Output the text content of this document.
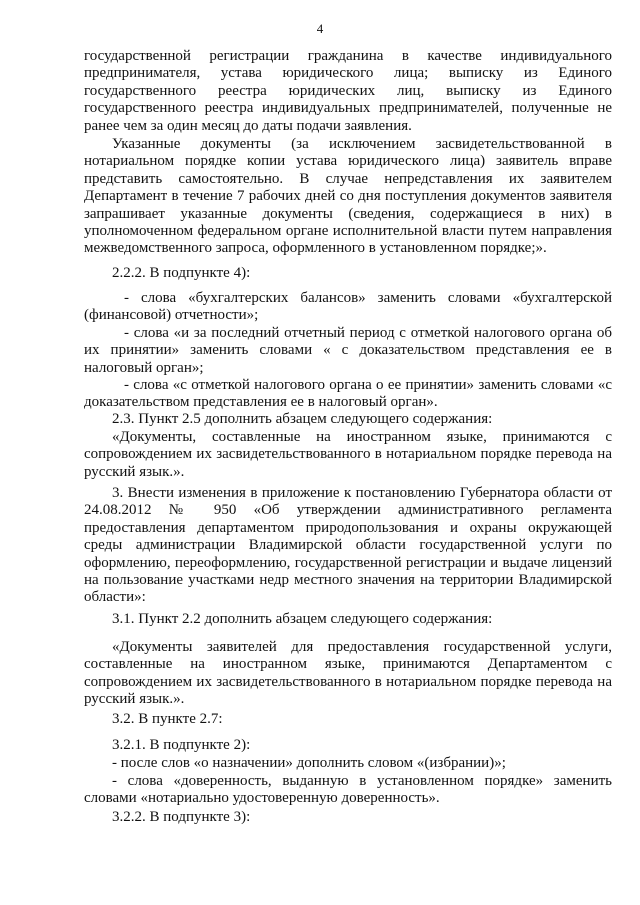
4

государственной регистрации гражданина в качестве индивидуального предпринимателя, устава юридического лица; выписку из Единого государственного реестра юридических лиц, выписку из Единого государственного реестра индивидуальных предпринимателей, полученные не ранее чем за один месяц до даты подачи заявления.

Указанные документы (за исключением засвидетельствованной в нотариальном порядке копии устава юридического лица) заявитель вправе представить самостоятельно. В случае непредставления их заявителем Департамент в течение 7 рабочих дней со дня поступления документов заявителя запрашивает указанные документы (сведения, содержащиеся в них) в уполномоченном федеральном органе исполнительной власти путем направления межведомственного запроса, оформленного в установленном порядке;».

2.2.2. В подпункте 4):

- слова «бухгалтерских балансов» заменить словами «бухгалтерской (финансовой) отчетности»;

- слова «и за последний отчетный период с отметкой налогового органа об их принятии» заменить словами « с доказательством представления ее в налоговый орган»;

- слова «с отметкой налогового органа о ее принятии» заменить словами «с доказательством представления ее в налоговый орган».

2.3. Пункт 2.5 дополнить абзацем следующего содержания:

«Документы, составленные на иностранном языке, принимаются с сопровождением их засвидетельствованного в нотариальном порядке перевода на русский язык.».

3. Внести изменения в приложение к постановлению Губернатора области от 24.08.2012 № 950 «Об утверждении административного регламента предоставления департаментом природопользования и охраны окружающей среды администрации Владимирской области государственной услуги по оформлению, переоформлению, государственной регистрации и выдаче лицензий на пользование участками недр местного значения на территории Владимирской области»:

3.1. Пункт 2.2 дополнить абзацем следующего содержания:

«Документы заявителей для предоставления государственной услуги, составленные на иностранном языке, принимаются Департаментом с сопровождением их засвидетельствованного в нотариальном порядке перевода на русский язык.».

3.2. В пункте 2.7:

3.2.1. В подпункте 2):

- после слов «о назначении» дополнить словом «(избрании)»;

- слова «доверенность, выданную в установленном порядке» заменить словами «нотариально удостоверенную доверенность».

3.2.2. В подпункте 3):
